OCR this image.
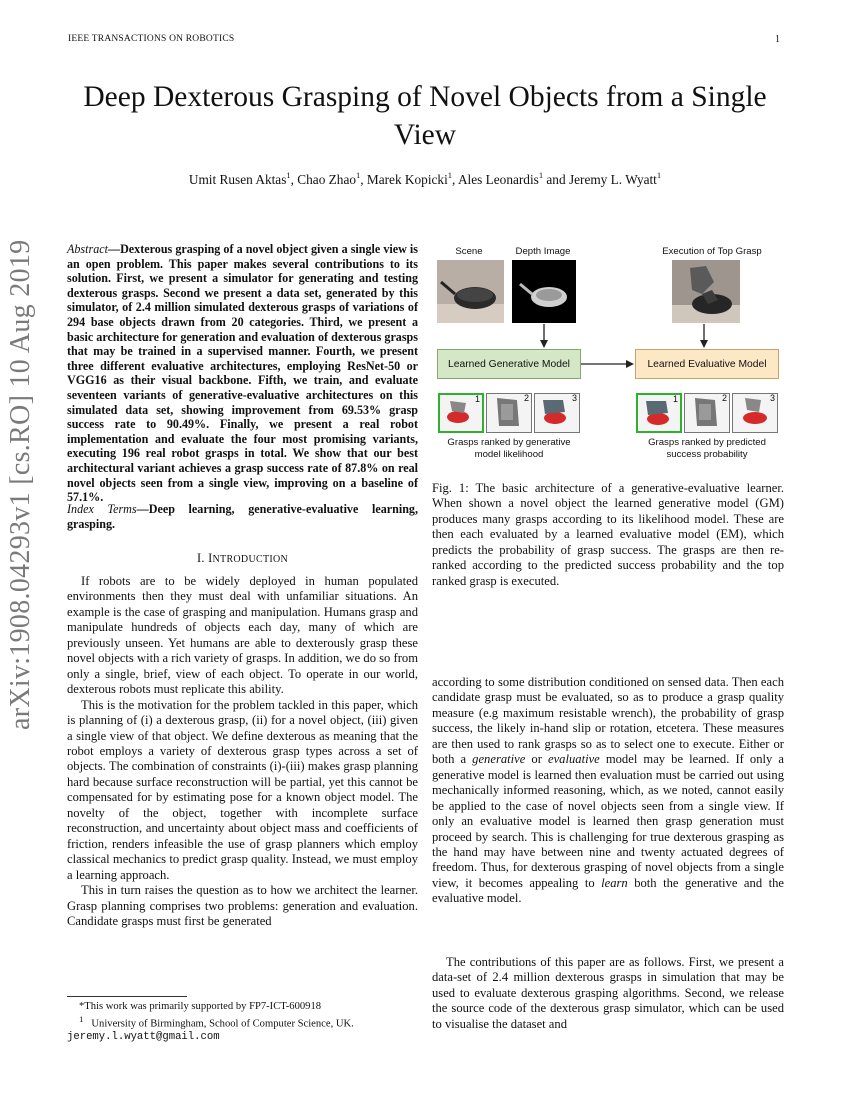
IEEE TRANSACTIONS ON ROBOTICS	1
Deep Dexterous Grasping of Novel Objects from a Single View
Umit Rusen Aktas$^1$, Chao Zhao$^1$, Marek Kopicki$^1$, Ales Leonardis$^1$ and Jeremy L. Wyatt$^1$
arXiv:1908.04293v1 [cs.RO] 10 Aug 2019	Abstract—Dexterous grasping of a novel object given a single view is an open problem. This paper makes several contributions to its solution. First, we present a simulator for generating and testing dexterous grasps. Second we present a data set, generated by this simulator, of 2.4 million simulated dexterous grasps of variations of 294 base objects drawn from 20 categories. Third, we present a basic architecture for generation and evaluation of dexterous grasps that may be trained in a supervised manner. Fourth, we present three different evaluative architectures, employing ResNet-50 or VGG16 as their visual backbone. Fifth, we train, and evaluate seventeen variants of generative-evaluative architectures on this simulated data set, showing improvement from 69.53% grasp success rate to 90.49%. Finally, we present a real robot implementation and evaluate the four most promising variants, executing 196 real robot grasps in total. We show that our best architectural variant achieves a grasp success rate of 87.8% on real novel objects seen from a single view, improving on a baseline of 57.1%.
Index Terms—Deep learning, generative-evaluative learning, grasping.
I. INTRODUCTION

If robots are to be widely deployed in human populated environments then they must deal with unfamiliar situations. An example is the case of grasping and manipulation. Humans grasp and manipulate hundreds of objects each day, many of which are previously unseen. Yet humans are able to dexterously grasp these novel objects with a rich variety of grasps. In addition, we do so from only a single, brief, view of each object. To operate in our world, dexterous robots must replicate this ability.

This is the motivation for the problem tackled in this paper, which is planning of (i) a dexterous grasp, (ii) for a novel object, (iii) given a single view of that object. We define dexterous as meaning that the robot employs a variety of dexterous grasp types across a set of objects. The combination of constraints (i)-(iii) makes grasp planning hard because surface reconstruction will be partial, yet this cannot be compensated for by estimating pose for a known object model. The novelty of the object, together with incomplete surface reconstruction, and uncertainty about object mass and coefficients of friction, renders infeasible the use of grasp planners which employ classical mechanics to predict grasp quality. Instead, we must employ a learning approach.

This in turn raises the question as to how we architect the learner. Grasp planning comprises two problems: generation and evaluation. Candidate grasps must first be generated

*This work was primarily supported by FP7-ICT-600918
$^1$ University of Birmingham, School of Computer Science, UK.
jeremy.l.wyatt@gmail.com
Scene	Depth Image	Execution of Top Grasp
Learned Generative Model	Learned Evaluative Model
1	2	3	1	2	3
Grasps ranked by generative model likelihood
Grasps ranked by predicted success probability
Fig. 1: The basic architecture of a generative-evaluative learner. When shown a novel object the learned generative model (GM) produces many grasps according to its likelihood model. These are then each evaluated by a learned evaluative model (EM), which predicts the probability of grasp success. The grasps are then re-ranked according to the predicted success probability and the top ranked grasp is executed.
according to some distribution conditioned on sensed data. Then each candidate grasp must be evaluated, so as to produce a grasp quality measure (e.g maximum resistable wrench), the probability of grasp success, the likely in-hand slip or rotation, etcetera. These measures are then used to rank grasps so as to select one to execute. Either or both a generative or evaluative model may be learned. If only a generative model is learned then evaluation must be carried out using mechanically informed reasoning, which, as we noted, cannot easily be applied to the case of novel objects seen from a single view. If only an evaluative model is learned then grasp generation must proceed by search. This is challenging for true dexterous grasping as the hand may have between nine and twenty actuated degrees of freedom. Thus, for dexterous grasping of novel objects from a single view, it becomes appealing to learn both the generative and the evaluative model.

The contributions of this paper are as follows. First, we present a data-set of 2.4 million dexterous grasps in simulation that may be used to evaluate dexterous grasping algorithms. Second, we release the source code of the dexterous grasp simulator, which can be used to visualise the dataset and
